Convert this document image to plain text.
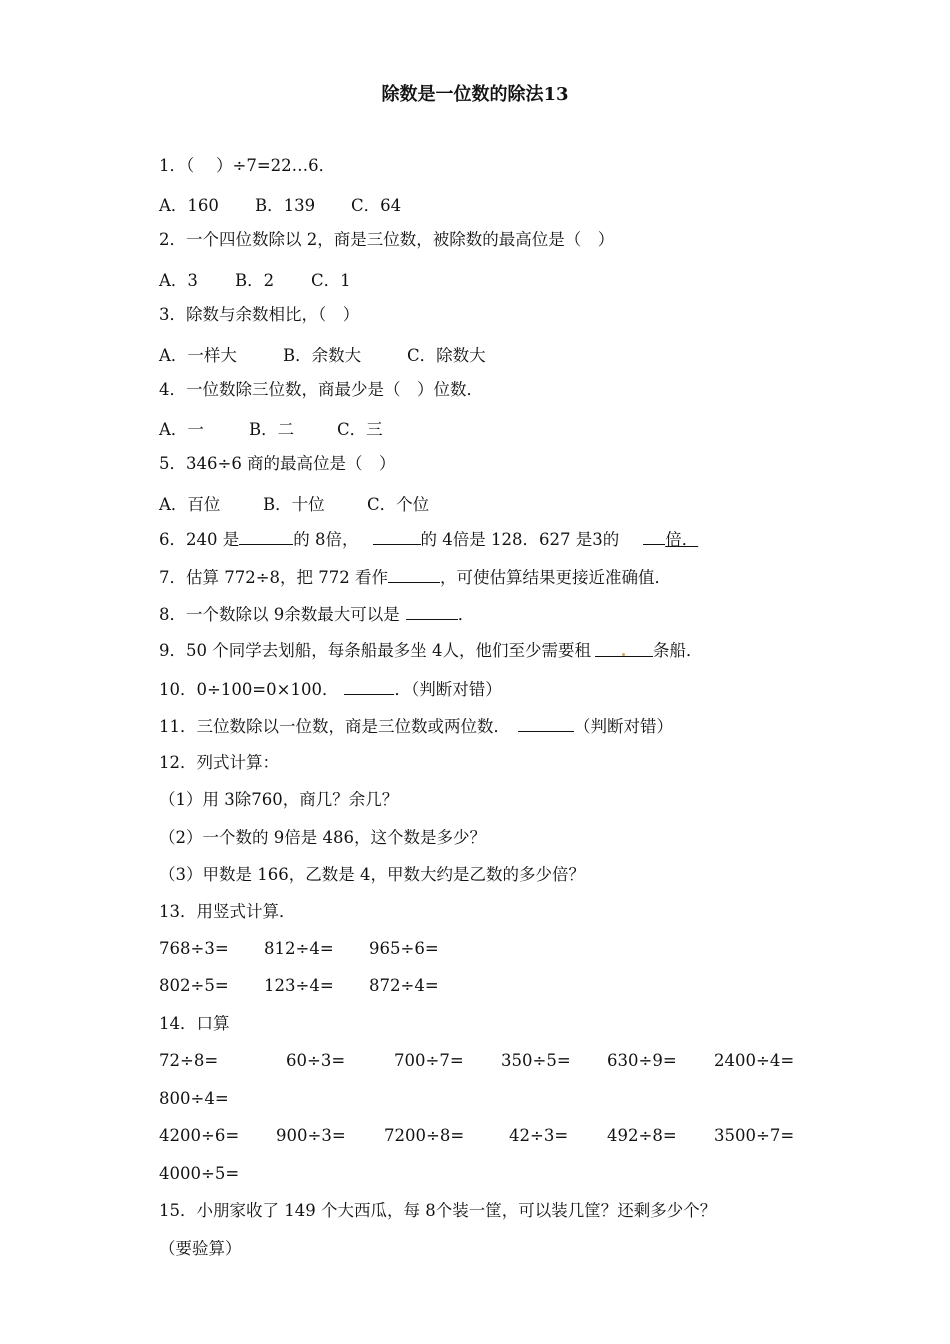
除数是一位数的除法13
1．（　 ）÷7=22…6．
A．160 B．139 C．64
2．一个四位数除以 2，商是三位数，被除数的最高位是（　）
A．3 B．2 C．1
3．除数与余数相比，（　）
A．一样大	B．余数大	C．除数大
4．一位数除三位数，商最少是（　）位数．
A．一	B．二	C．三
5．346÷6 商的最高位是（　）
A．百位	B．十位	C．个位
6．240 是	的 8倍，	的 4倍是 128．627 是3的	倍．
7．估算 772÷8，把 772 看作	，可使估算结果更接近准确值．
8．一个数除以 9余数最大可以是	．
9．50 个同学去划船，每条船最多坐 4人，他们至少需要租	条船．
10．0÷100=0×100．	．（判断对错）
11．三位数除以一位数，商是三位数或两位数．	（判断对错）
12．列式计算：
（1）用 3除760，商几？余几？
（2）一个数的 9倍是 486，这个数是多少？
（3）甲数是 166，乙数是 4，甲数大约是乙数的多少倍？
13．用竖式计算．
768÷3= 812÷4= 965÷6=
802÷5= 123÷4= 872÷4=
14．口算
72÷8=	60÷3=	700÷7= 350÷5= 630÷9= 2400÷4=
800÷4=
4200÷6= 900÷3= 7200÷8=	42÷3= 492÷8= 3500÷7=
4000÷5=
15．小朋家收了 149 个大西瓜，每 8个装一筐，可以装几筐？还剩多少个？
（要验算）
